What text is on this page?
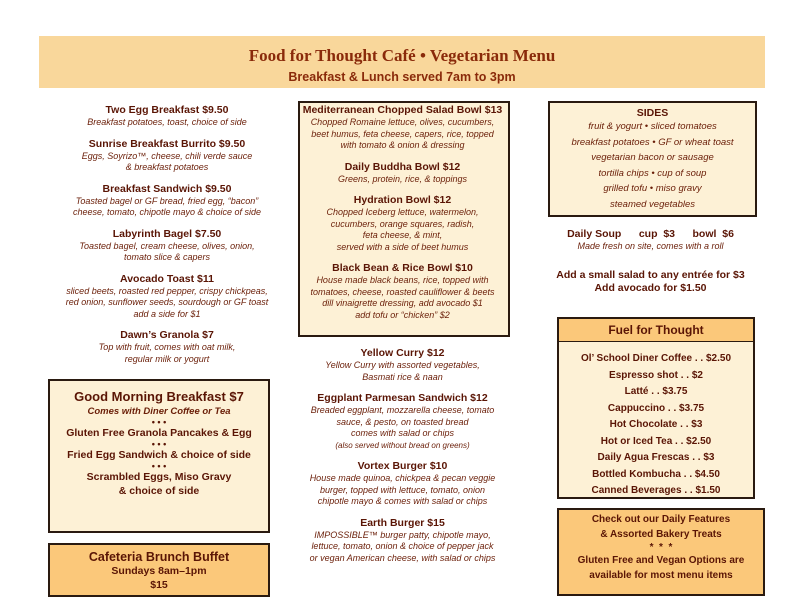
Food for Thought Café • Vegetarian Menu
Breakfast & Lunch served 7am to 3pm

Two Egg Breakfast $9.50

Breakfast potatoes, toast, choice of side

Sunrise Breakfast Burrito $9.50

Eggs, Soyrizo™, cheese, chili verde sauce

& breakfast potatoes

Breakfast Sandwich $9.50

Toasted bagel or GF bread, fried egg, “bacon”

cheese, tomato, chipotle mayo & choice of side

Labyrinth Bagel $7.50

Toasted bagel, cream cheese, olives, onion,

tomato slice & capers

Avocado Toast $11

sliced beets, roasted red pepper, crispy chickpeas,

red onion, sunflower seeds, sourdough or GF toast

add a side for $1

Dawn’s Granola $7

Top with fruit, comes with oat milk,

regular milk or yogurt

Mediterranean Chopped Salad Bowl $13

Chopped Romaine lettuce, olives, cucumbers,

beet humus, feta cheese, capers, rice, topped

with tomato & onion & dressing

Daily Buddha Bowl $12

Greens, protein, rice, & toppings

Hydration Bowl $12

Chopped Iceberg lettuce, watermelon,

cucumbers, orange squares, radish,

feta cheese, & mint,

served with a side of beet humus

Black Bean & Rice Bowl $10

House made black beans, rice, topped with

tomatoes, cheese, roasted cauliflower & beets

dill vinaigrette dressing, add avocado $1

add tofu or “chicken” $2

Yellow Curry $12

Yellow Curry with assorted vegetables,

Basmati rice & naan

Eggplant Parmesan Sandwich $12

Breaded eggplant, mozzarella cheese, tomato

sauce, & pesto, on toasted bread

comes with salad or chips

(also served without bread on greens)

Vortex Burger $10

House made quinoa, chickpea & pecan veggie

burger, topped with lettuce, tomato, onion

chipotle mayo & comes with salad or chips

Earth Burger $15

IMPOSSIBLE™ burger patty, chipotle mayo,

lettuce, tomato, onion & choice of pepper jack

or vegan American cheese, with salad or chips

SIDES
fruit & yogurt • sliced tomatoes
breakfast potatoes • GF or wheat toast
vegetarian bacon or sausage
tortilla chips • cup of soup
grilled tofu • miso gravy
steamed vegetables
Daily Soup      cup  $3      bowl  $6
Made fresh on site, comes with a roll
Add a small salad to any entrée for $3
Add avocado for $1.50
Good Morning Breakfast $7
Comes with Diner Coffee or Tea
• • •
Gluten Free Granola Pancakes & Egg
• • •
Fried Egg Sandwich & choice of side
• • •
Scrambled Eggs, Miso Gravy
& choice of side
Cafeteria Brunch Buffet
Sundays 8am–1pm
$15
Fuel for Thought
Ol’ School Diner Coffee . . $2.50
Espresso shot . . $2
Latté . . $3.75
Cappuccino . . $3.75
Hot Chocolate . . $3
Hot or Iced Tea . . $2.50
Daily Agua Frescas . . $3
Bottled Kombucha . . $4.50
Canned Beverages . . $1.50
Check out our Daily Features
& Assorted Bakery Treats
*  *  *
Gluten Free and Vegan Options are
available for most menu items
